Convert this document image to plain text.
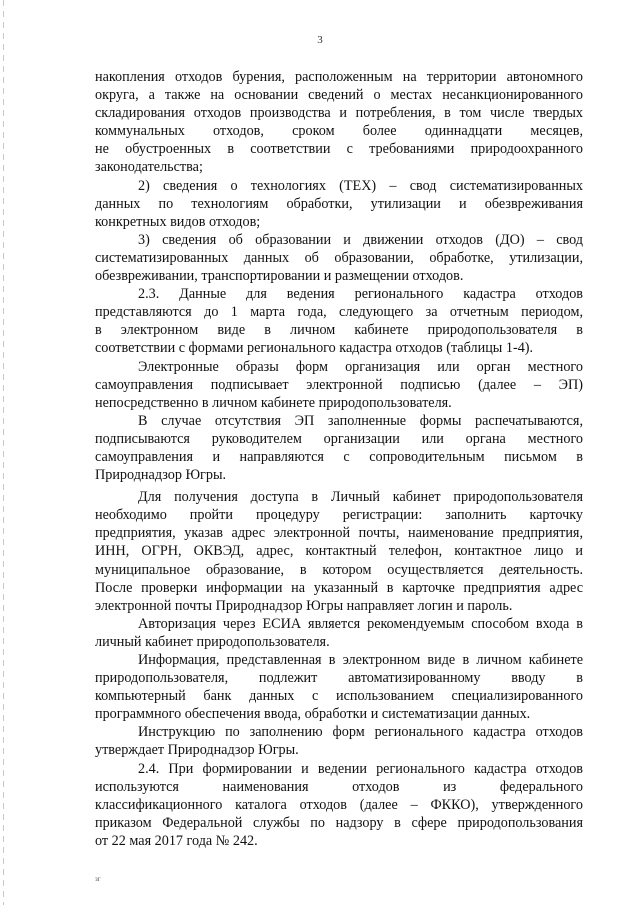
3

накопления отходов бурения, расположенным на территории автономного

округа, а также на основании сведений о местах несанкционированного

складирования отходов производства и потребления, в том числе твердых

коммунальных отходов, сроком более одиннадцати месяцев,

не обустроенных в соответствии с требованиями природоохранного

законодательства;

2) сведения о технологиях (ТЕХ) – свод систематизированных

данных по технологиям обработки, утилизации и обезвреживания

конкретных видов отходов;

3) сведения об образовании и движении отходов (ДО) – свод

систематизированных данных об образовании, обработке, утилизации,

обезвреживании, транспортировании и размещении отходов.

2.3. Данные для ведения регионального кадастра отходов

представляются до 1 марта года, следующего за отчетным периодом,

в электронном виде в личном кабинете природопользователя в

соответствии с формами регионального кадастра отходов (таблицы 1-4).

Электронные образы форм организация или орган местного

самоуправления подписывает электронной подписью (далее – ЭП)

непосредственно в личном кабинете природопользователя.

В случае отсутствия ЭП заполненные формы распечатываются,

подписываются руководителем организации или органа местного

самоуправления и направляются с сопроводительным письмом в

Природнадзор Югры.

Для получения доступа в Личный кабинет природопользователя

необходимо пройти процедуру регистрации: заполнить карточку

предприятия, указав адрес электронной почты, наименование предприятия,

ИНН, ОГРН, ОКВЭД, адрес, контактный телефон, контактное лицо и

муниципальное образование, в котором осуществляется деятельность.

После проверки информации на указанный в карточке предприятия адрес

электронной почты Природнадзор Югры направляет логин и пароль.

Авторизация через ЕСИА является рекомендуемым способом входа в

личный кабинет природопользователя.

Информация, представленная в электронном виде в личном кабинете

природопользователя, подлежит автоматизированному вводу в

компьютерный банк данных с использованием специализированного

программного обеспечения ввода, обработки и систематизации данных.

Инструкцию по заполнению форм регионального кадастра отходов

утверждает Природнадзор Югры.

2.4. При формировании и ведении регионального кадастра отходов

используются наименования отходов из федерального

классификационного каталога отходов (далее – ФККО), утвержденного

приказом Федеральной службы по надзору в сфере природопользования

от 22 мая 2017 года № 242.

зг
